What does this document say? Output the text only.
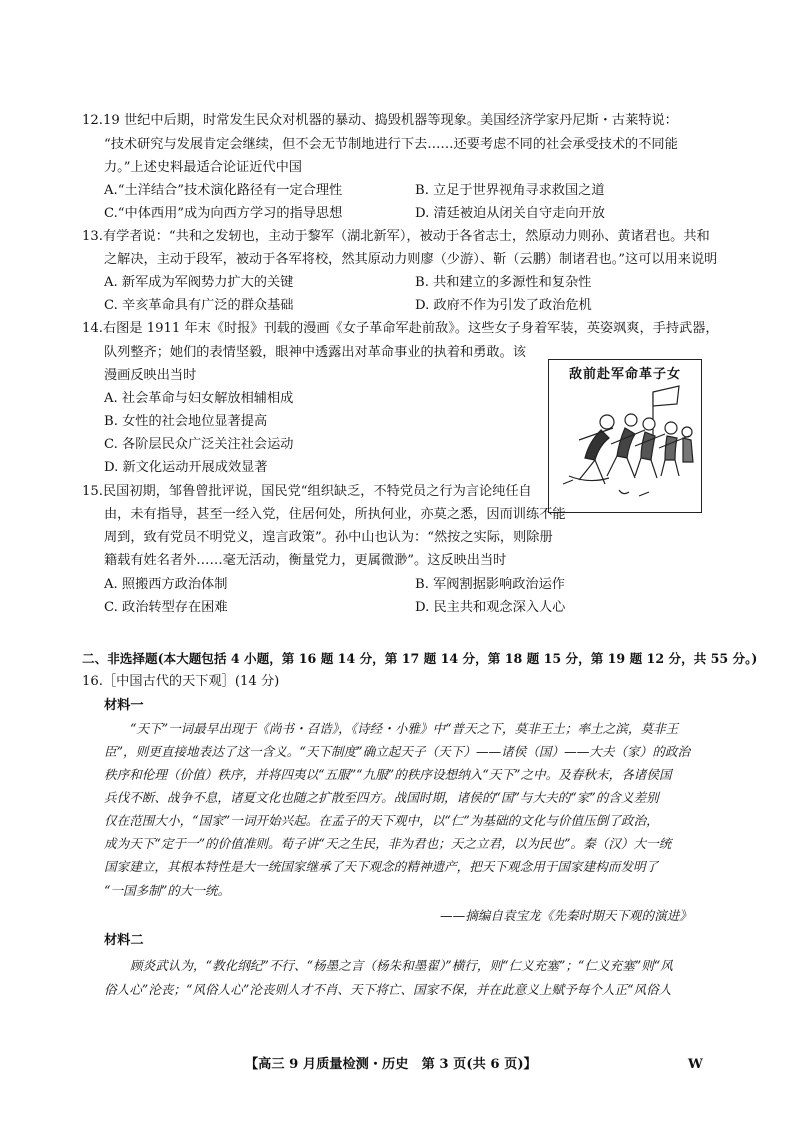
12.19 世纪中后期，时常发生民众对机器的暴动、捣毁机器等现象。美国经济学家丹尼斯・古莱特说：
“技术研究与发展肯定会继续，但不会无节制地进行下去……还要考虑不同的社会承受技术的不同能
力。”上述史料最适合论证近代中国
A.“土洋结合”技术演化路径有一定合理性	B. 立足于世界视角寻求救国之道
C.“中体西用”成为向西方学习的指导思想	D. 清廷被迫从闭关自守走向开放
13.有学者说：“共和之发轫也，主动于黎军（湖北新军），被动于各省志士，然原动力则孙、黄诸君也。共和
之解决，主动于段军，被动于各军将校，然其原动力则廖（少游）、靳（云鹏）制诸君也。”这可以用来说明
A. 新军成为军阀势力扩大的关键	B. 共和建立的多源性和复杂性
C. 辛亥革命具有广泛的群众基础	D. 政府不作为引发了政治危机
14.右图是 1911 年末《时报》刊载的漫画《女子革命军赴前敌》。这些女子身着军装，英姿飒爽，手持武器，
队列整齐；她们的表情坚毅，眼神中透露出对革命事业的执着和勇敢。该
漫画反映出当时
A. 社会革命与妇女解放相辅相成
B. 女性的社会地位显著提高
C. 各阶层民众广泛关注社会运动
D. 新文化运动开展成效显著
敌前赴军命革子女
15.民国初期，邹鲁曾批评说，国民党“组织缺乏，不特党员之行为言论纯任自
由，未有指导，甚至一经入党，住居何处，所执何业，亦莫之悉，因而训练不能
周到，致有党员不明党义，遑言政策”。孙中山也认为：“然按之实际，则除册
籍载有姓名者外……毫无活动，衡量党力，更属微渺”。这反映出当时
A. 照搬西方政治体制	B. 军阀割据影响政治运作
C. 政治转型存在困难	D. 民主共和观念深入人心
二、非选择题(本大题包括 4 小题，第 16 题 14 分，第 17 题 14 分，第 18 题 15 分，第 19 题 12 分，共 55 分。)
16.［中国古代的天下观］(14 分)
材料一
“天下”一词最早出现于《尚书・召诰》，《诗经・小雅》中“普天之下，莫非王土；率土之滨，莫非王
臣”，则更直接地表达了这一含义。“天下制度”确立起天子（天下）——诸侯（国）——大夫（家）的政治
秩序和伦理（价值）秩序，并将四夷以“五服”“九服”的秩序设想纳入“天下”之中。及春秋末，各诸侯国
兵伐不断、战争不息，诸夏文化也随之扩散至四方。战国时期，诸侯的“国”与大夫的“家”的含义差别
仅在范围大小，“国家”一词开始兴起。在孟子的天下观中，以“仁”为基础的文化与价值压倒了政治，
成为天下“定于一”的价值准则。荀子讲“天之生民，非为君也；天之立君，以为民也”。秦（汉）大一统
国家建立，其根本特性是大一统国家继承了天下观念的精神遗产，把天下观念用于国家建构而发明了
“一国多制”的大一统。
——摘编自袁宝龙《先秦时期天下观的演进》
材料二
顾炎武认为，“教化纲纪”不行、“杨墨之言（杨朱和墨翟）”横行，则“仁义充塞”；“仁义充塞”则“风
俗人心”沦丧；“风俗人心”沦丧则人才不肖、天下将亡、国家不保，并在此意义上赋予每个人正“风俗人
【高三 9 月质量检测・历史　第 3 页(共 6 页)】	W
